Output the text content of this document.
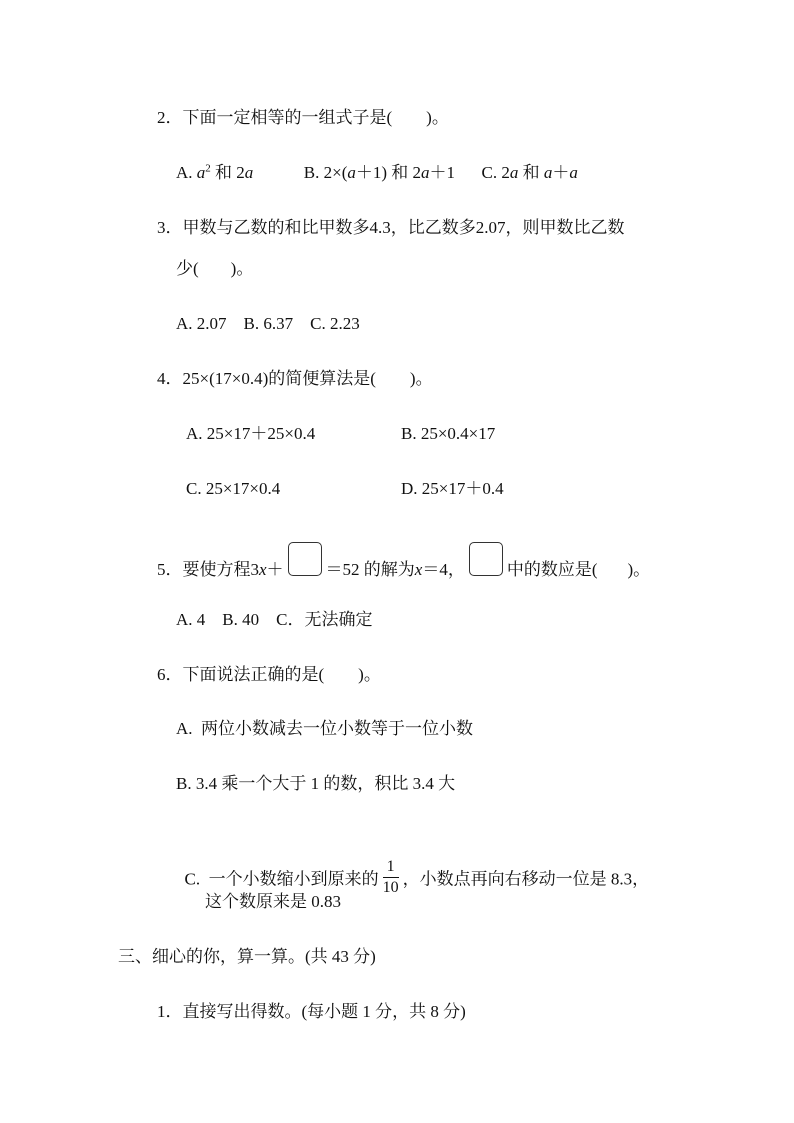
2．下面一定相等的一组式子是( )。
A. $a^2$ 和 2a	B. 2×(a＋1) 和 2a＋1 C. 2a 和 a＋a
3．甲数与乙数的和比甲数多4.3，比乙数多2.07，则甲数比乙数
少( )。
A. 2.07    B. 6.37    C. 2.23
4．25×(17×0.4)的简便算法是( )。
A. 25×17＋25×0.4	B. 25×0.4×17
C. 25×17×0.4	D. 25×17＋0.4
5．要使方程3x＋ ＝52 的解为x＝4， 中的数应是( )。
A. 4    B. 40    C．无法确定
6．下面说法正确的是( )。
A.  两位小数减去一位小数等于一位小数
B. 3.4 乘一个大于 1 的数，积比 3.4 大

C.  一个小数缩小到原来的 $\frac{1}{10}$ ，小数点再向右移动一位是 8.3，

这个数原来是 0.83
三、细心的你，算一算。(共 43 分)
1．直接写出得数。(每小题 1 分，共 8 分)
